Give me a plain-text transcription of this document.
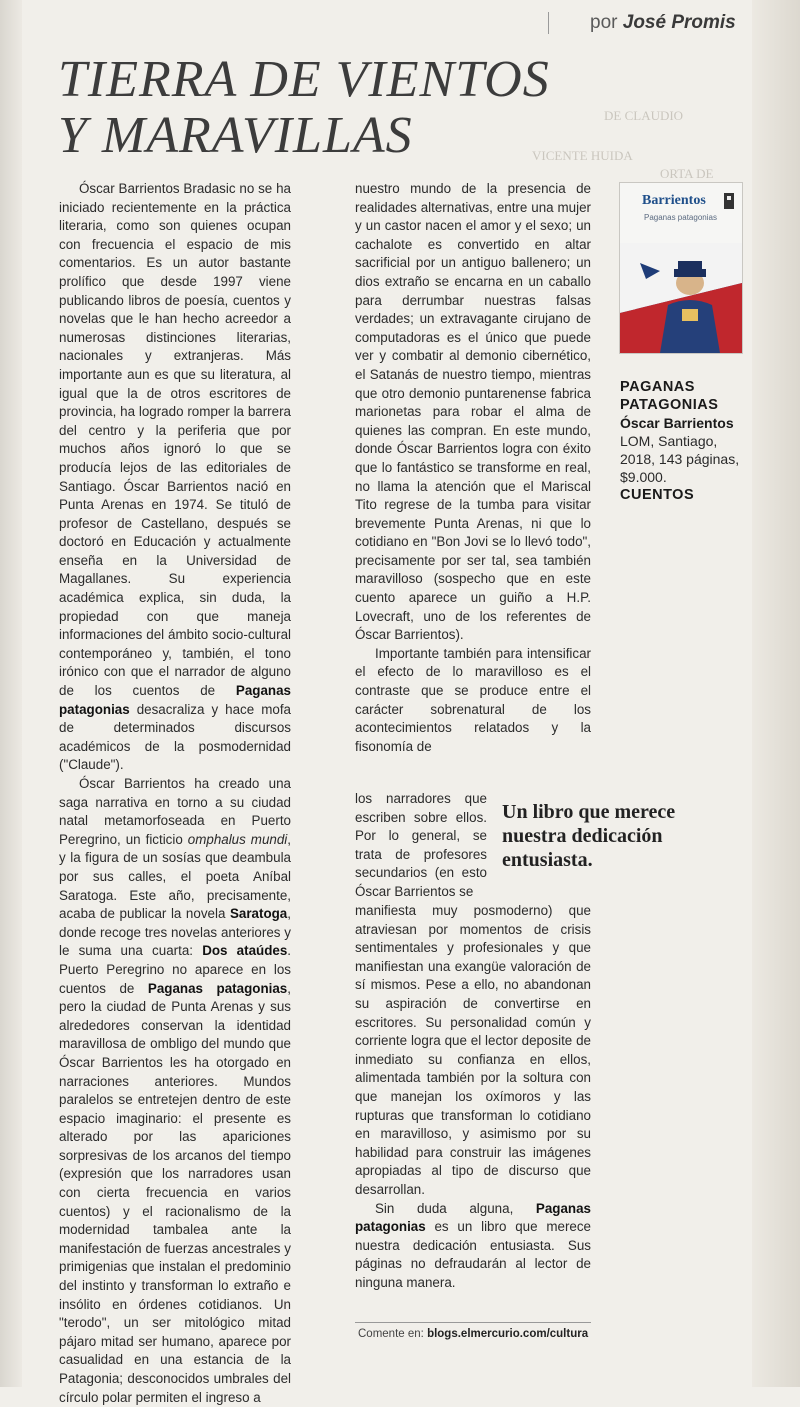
VICENTE HUIDA
ORTA DE
DE CLAUDIO
por José Promis
TIERRA DE VIENTOS
Y MARAVILLAS

Óscar Barrientos Bradasic no se ha iniciado recientemente en la práctica literaria, como son quienes ocupan con frecuencia el espacio de mis comentarios. Es un autor bastante prolífico que desde 1997 viene publicando libros de poesía, cuentos y novelas que le han hecho acreedor a numerosas distinciones literarias, nacionales y extranjeras. Más importante aun es que su literatura, al igual que la de otros escritores de provincia, ha logrado romper la barrera del centro y la periferia que por muchos años ignoró lo que se producía lejos de las editoriales de Santiago. Óscar Barrientos nació en Punta Arenas en 1974. Se tituló de profesor de Castellano, después se doctoró en Educación y actualmente enseña en la Universidad de Magallanes. Su experiencia académica explica, sin duda, la propiedad con que maneja informaciones del ámbito socio-cultural contemporáneo y, también, el tono irónico con que el narrador de alguno de los cuentos de Paganas patagonias desacraliza y hace mofa de determinados discursos académicos de la posmodernidad ("Claude").

Óscar Barrientos ha creado una saga narrativa en torno a su ciudad natal metamorfoseada en Puerto Peregrino, un ficticio omphalus mundi, y la figura de un sosías que deambula por sus calles, el poeta Aníbal Saratoga. Este año, precisamente, acaba de publicar la novela Saratoga, donde recoge tres novelas anteriores y le suma una cuarta: Dos ataúdes. Puerto Peregrino no aparece en los cuentos de Paganas patagonias, pero la ciudad de Punta Arenas y sus alrededores conservan la identidad maravillosa de ombligo del mundo que Óscar Barrientos les ha otorgado en narraciones anteriores. Mundos paralelos se entretejen dentro de este espacio imaginario: el presente es alterado por las apariciones sorpresivas de los arcanos del tiempo (expresión que los narradores usan con cierta frecuencia en varios cuentos) y el racionalismo de la modernidad tambalea ante la manifestación de fuerzas ancestrales y primigenias que instalan el predominio del instinto y transforman lo extraño e insólito en órdenes cotidianos. Un "terodo", un ser mitológico mitad pájaro mitad ser humano, aparece por casualidad en una estancia de la Patagonia; desconocidos umbrales del círculo polar permiten el ingreso a

nuestro mundo de la presencia de realidades alternativas, entre una mujer y un castor nacen el amor y el sexo; un cachalote es convertido en altar sacrificial por un antiguo ballenero; un dios extraño se encarna en un caballo para derrumbar nuestras falsas verdades; un extravagante cirujano de computadoras es el único que puede ver y combatir al demonio cibernético, el Satanás de nuestro tiempo, mientras que otro demonio puntarenense fabrica marionetas para robar el alma de quienes las compran. En este mundo, donde Óscar Barrientos logra con éxito que lo fantástico se transforme en real, no llama la atención que el Mariscal Tito regrese de la tumba para visitar brevemente Punta Arenas, ni que lo cotidiano en "Bon Jovi se lo llevó todo", precisamente por ser tal, sea también maravilloso (sospecho que en este cuento aparece un guiño a H.P. Lovecraft, uno de los referentes de Óscar Barrientos).

Importante también para intensificar el efecto de lo maravilloso es el contraste que se produce entre el carácter sobrenatural de los acontecimientos relatados y la fisonomía de

los narradores que escriben sobre ellos. Por lo general, se trata de profesores secundarios (en esto Óscar Barrientos se

manifiesta muy posmoderno) que atraviesan por momentos de crisis sentimentales y profesionales y que manifiestan una exangüe valoración de sí mismos. Pese a ello, no abandonan su aspiración de convertirse en escritores. Su personalidad común y corriente logra que el lector deposite de inmediato su confianza en ellos, alimentada también por la soltura con que manejan los oxímoros y las rupturas que transforman lo cotidiano en maravilloso, y asimismo por su habilidad para construir las imágenes apropiadas al tipo de discurso que desarrollan.

Sin duda alguna, Paganas patagonias es un libro que merece nuestra dedicación entusiasta. Sus páginas no defraudarán al lector de ninguna manera.

Un libro que merece nuestra dedicación entusiasta.
Barrientos
Paganas patagonias
PAGANAS PATAGONIAS
Óscar Barrientos
LOM, Santiago, 2018, 143 páginas, $9.000.
CUENTOS
Comente en: blogs.elmercurio.com/cultura
